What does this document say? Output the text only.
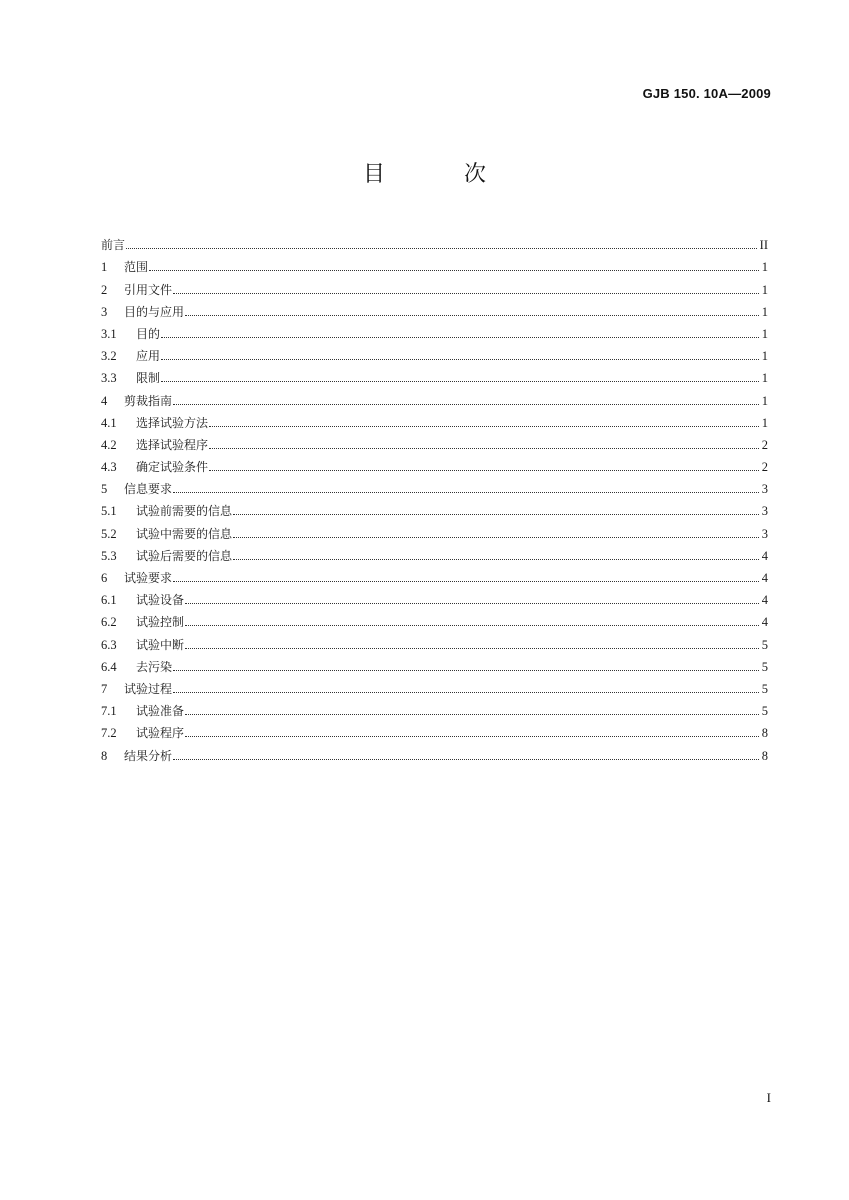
GJB 150. 10A—2009
目 次
前言	II
1	范围	1
2	引用文件	1
3	目的与应用	1
3.1	目的	1
3.2	应用	1
3.3	限制	1
4	剪裁指南	1
4.1	选择试验方法	1
4.2	选择试验程序	2
4.3	确定试验条件	2
5	信息要求	3
5.1	试验前需要的信息	3
5.2	试验中需要的信息	3
5.3	试验后需要的信息	4
6	试验要求	4
6.1	试验设备	4
6.2	试验控制	4
6.3	试验中断	5
6.4	去污染	5
7	试验过程	5
7.1	试验准备	5
7.2	试验程序	8
8	结果分析	8
I
